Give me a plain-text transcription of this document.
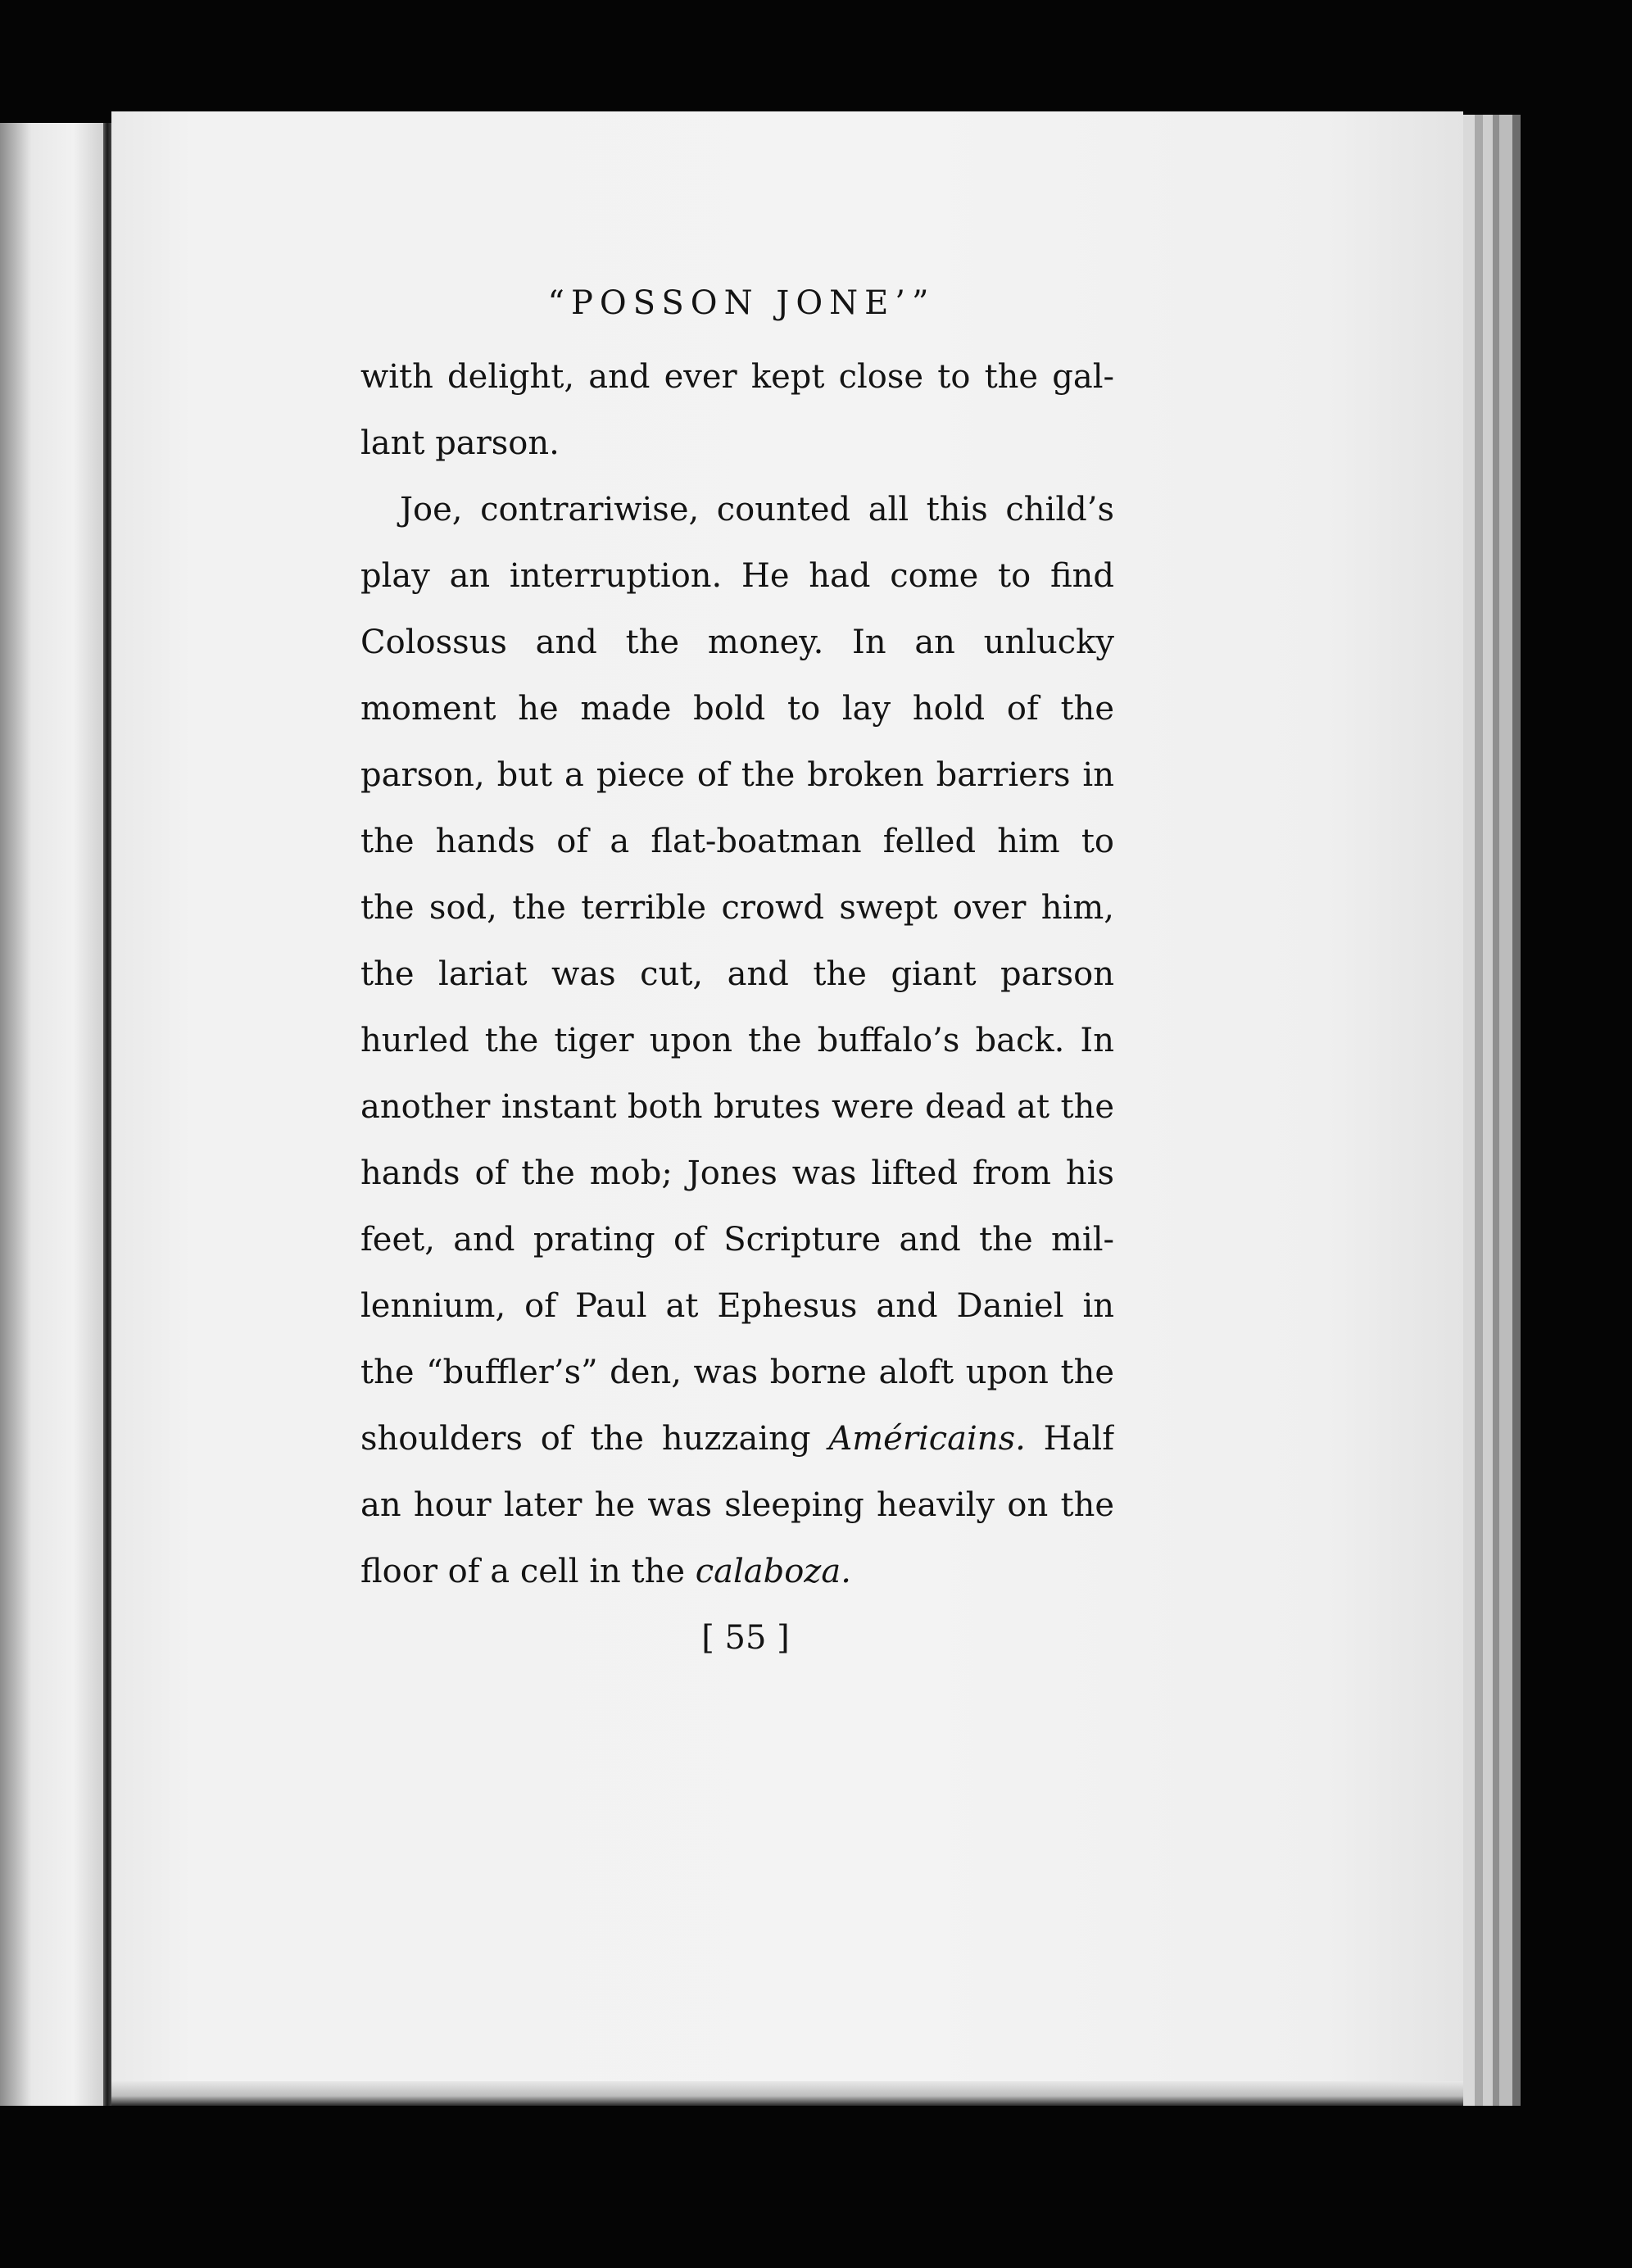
“POSSON JONE’”
with delight, and ever kept close to the gal-
lant parson.
Joe, contrariwise, counted all this child’s
play an interruption. He had come to find
Colossus and the money. In an unlucky
moment he made bold to lay hold of the
parson, but a piece of the broken barriers in
the hands of a flat-boatman felled him to
the sod, the terrible crowd swept over him,
the lariat was cut, and the giant parson
hurled the tiger upon the buffalo’s back. In
another instant both brutes were dead at the
hands of the mob; Jones was lifted from his
feet, and prating of Scripture and the mil-
lennium, of Paul at Ephesus and Daniel in
the “buffler’s” den, was borne aloft upon the
shoulders of the huzzaing Américains. Half
an hour later he was sleeping heavily on the
floor of a cell in the calaboza.
[ 55 ]
